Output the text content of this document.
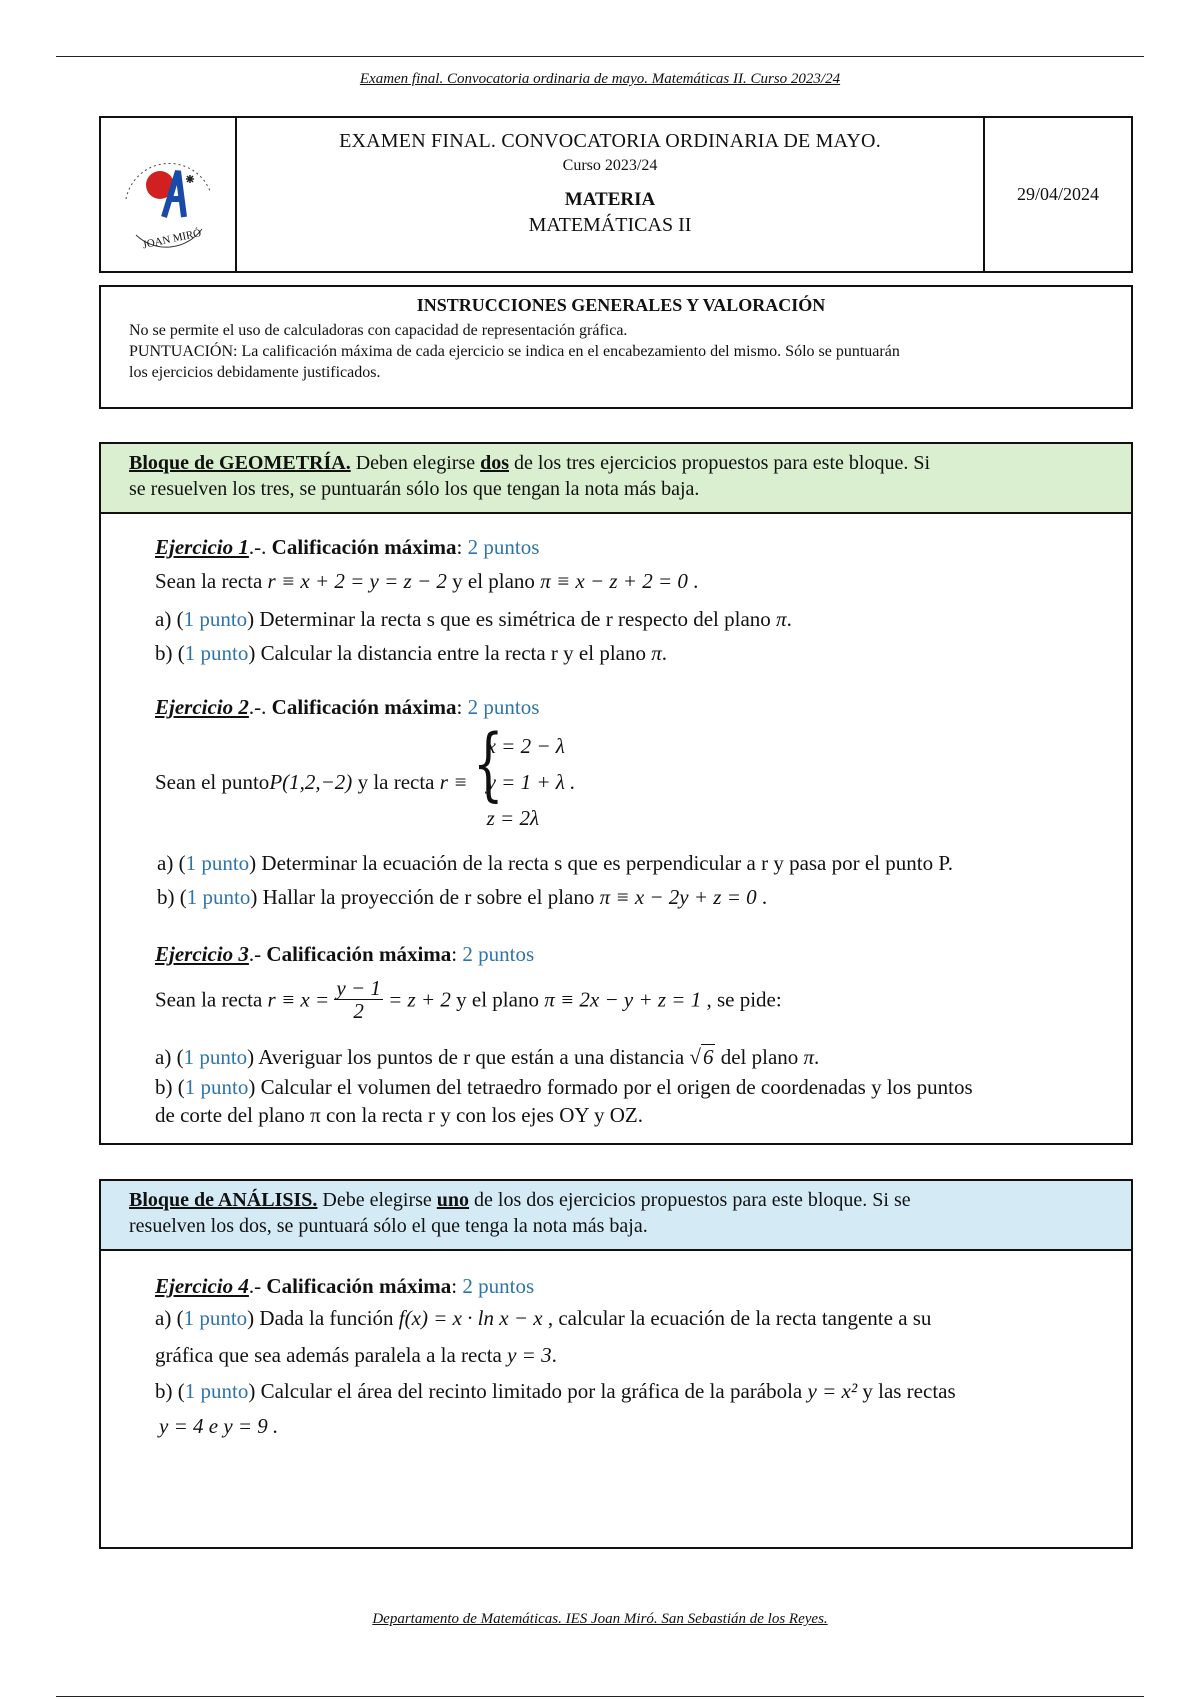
Examen final. Convocatoria ordinaria de mayo. Matemáticas II. Curso 2023/24
JOAN MIRÓ
EXAMEN FINAL. CONVOCATORIA ORDINARIA DE MAYO.
Curso 2023/24
MATERIA
MATEMÁTICAS II
29/04/2024
INSTRUCCIONES GENERALES Y VALORACIÓN
No se permite el uso de calculadoras con capacidad de representación gráfica.
PUNTUACIÓN: La calificación máxima de cada ejercicio se indica en el encabezamiento del mismo. Sólo se puntuarán
los ejercicios debidamente justificados.
Bloque de GEOMETRÍA. Deben elegirse dos de los tres ejercicios propuestos para este bloque. Si
se resuelven los tres, se puntuarán sólo los que tengan la nota más baja.
Ejercicio 1.-. Calificación máxima: 2 puntos
Sean la recta r ≡ x + 2 = y = z − 2 y el plano π ≡ x − z + 2 = 0 .
a) (1 punto) Determinar la recta s que es simétrica de r respecto del plano π.
b) (1 punto) Calcular la distancia entre la recta r y el plano π.
Ejercicio 2.-. Calificación máxima: 2 puntos
Sean el puntoP(1,2,−2) y la recta r ≡ {
x = 2 − λ
y = 1 + λ .
z = 2λ
a) (1 punto) Determinar la ecuación de la recta s que es perpendicular a r y pasa por el punto P.
b) (1 punto) Hallar la proyección de r sobre el plano π ≡ x − 2y + z = 0 .
Ejercicio 3.- Calificación máxima: 2 puntos
Sean la recta $r \equiv x = \frac{y - 1}{2} = z + 2$ y el plano π ≡ 2x − y + z = 1 , se pide:
a) (1 punto) Averiguar los puntos de r que están a una distancia √6 del plano π.
b) (1 punto) Calcular el volumen del tetraedro formado por el origen de coordenadas y los puntos
de corte del plano π con la recta r y con los ejes OY y OZ.
Bloque de ANÁLISIS. Debe elegirse uno de los dos ejercicios propuestos para este bloque. Si se
resuelven los dos, se puntuará sólo el que tenga la nota más baja.
Ejercicio 4.- Calificación máxima: 2 puntos
a) (1 punto) Dada la función f(x) = x · ln x − x , calcular la ecuación de la recta tangente a su
gráfica que sea además paralela a la recta y = 3.
b) (1 punto) Calcular el área del recinto limitado por la gráfica de la parábola y = x² y las rectas
y = 4 e y = 9 .
Departamento de Matemáticas. IES Joan Miró. San Sebastián de los Reyes.
